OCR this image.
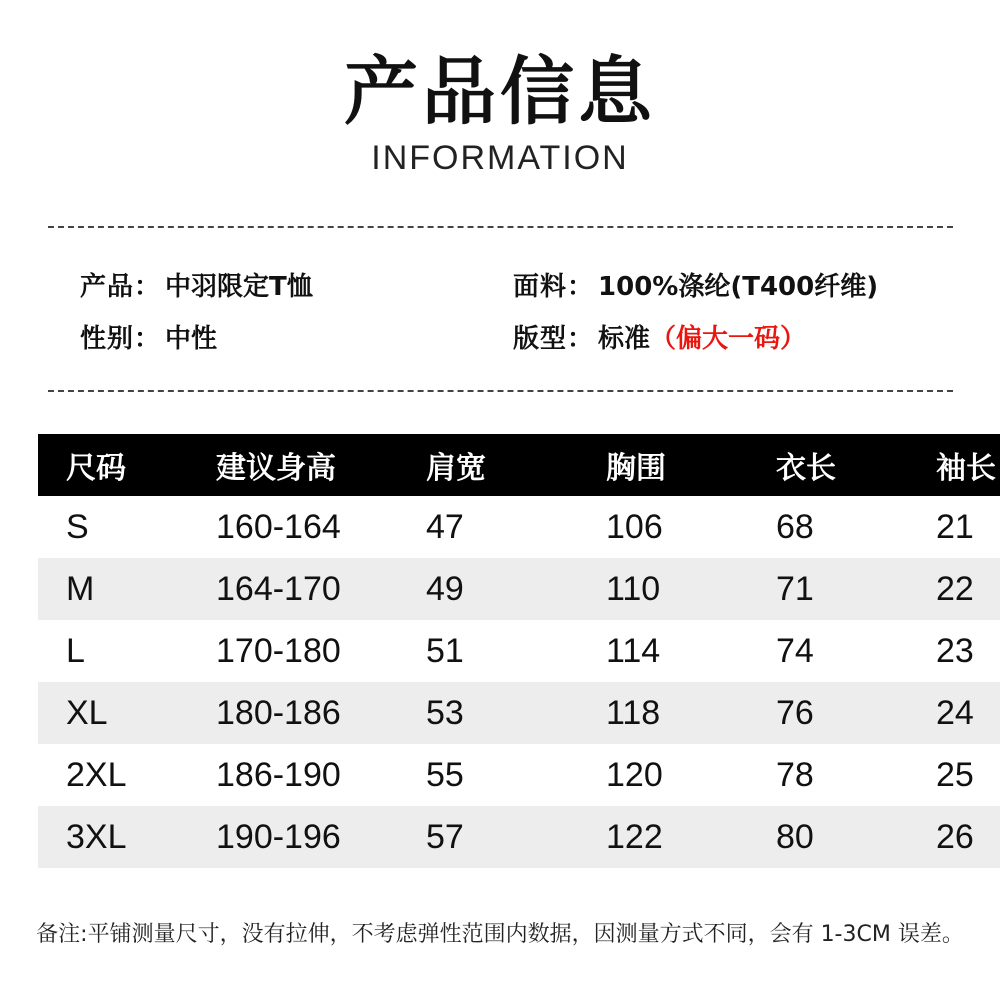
产品信息
INFORMATION
产品： 中羽限定T恤	面料： 100%涤纶(T400纤维)
性别： 中性	版型： 标准（偏大一码）
尺码	建议身高	肩宽	胸围	衣长	袖长
S	160-164	47	106	68	21
M	164-170	49	110	71	22
L	170-180	51	114	74	23
XL	180-186	53	118	76	24
2XL	186-190	55	120	78	25
3XL	190-196	57	122	80	26
备注:平铺测量尺寸，没有拉伸，不考虑弹性范围内数据，因测量方式不同，会有 1-3CM 误差。
